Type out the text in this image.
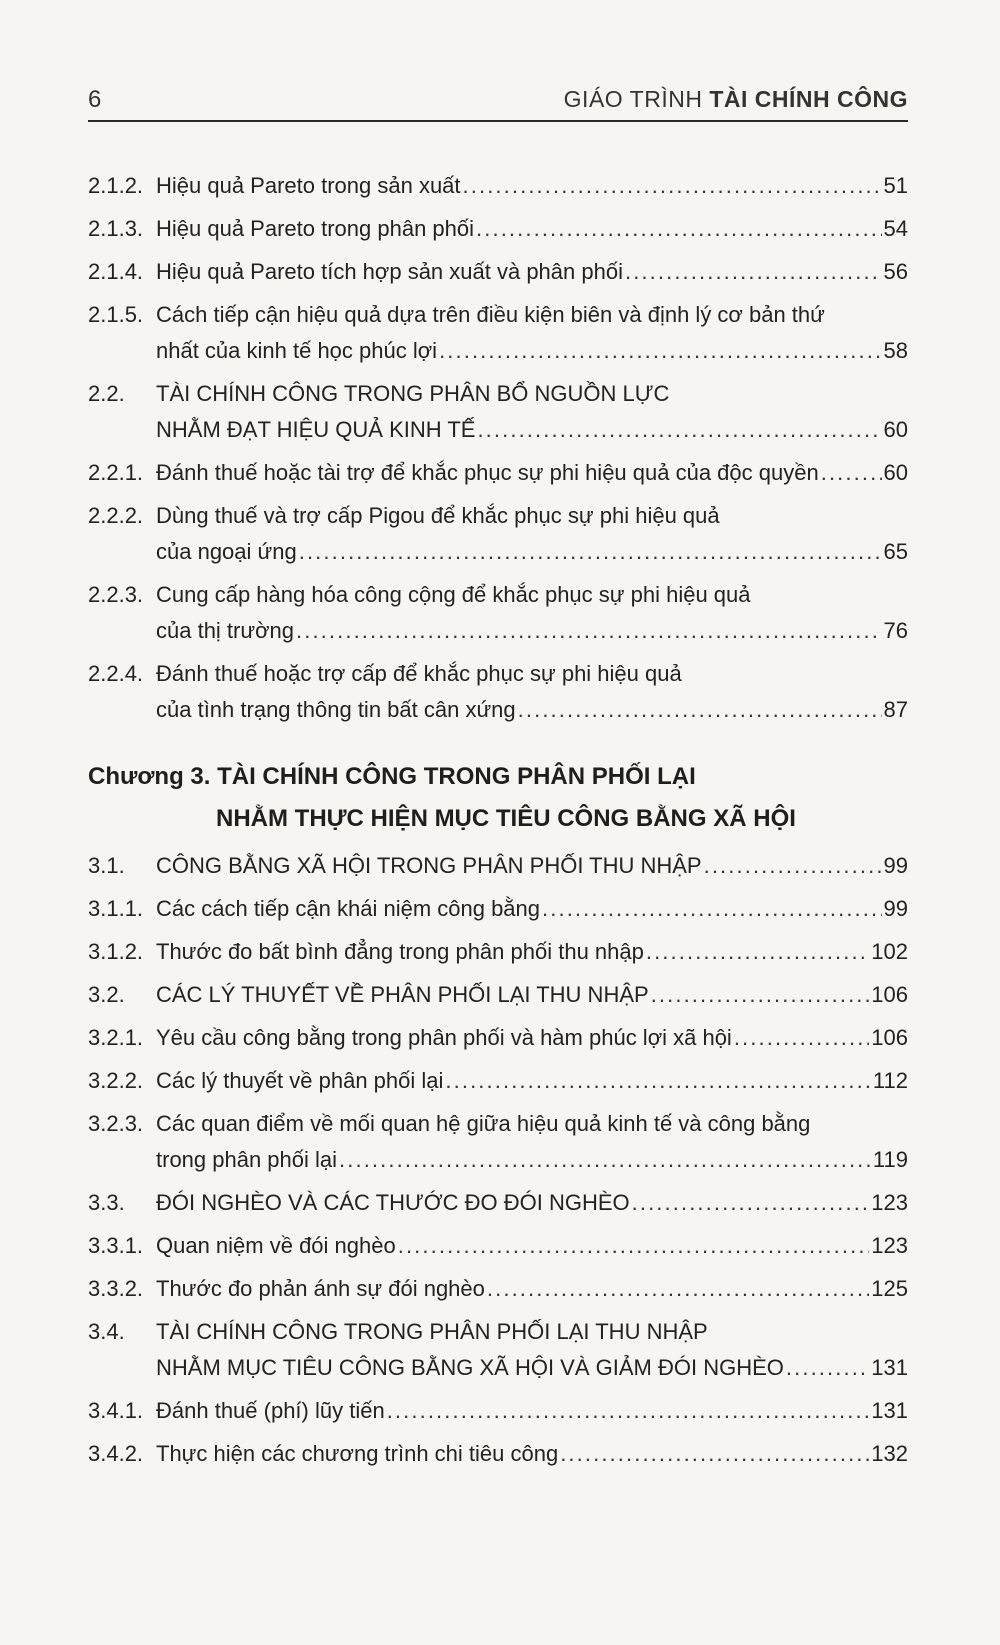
6	GIÁO TRÌNH TÀI CHÍNH CÔNG
2.1.2. Hiệu quả Pareto trong sản xuất . . .	51
2.1.3. Hiệu quả Pareto trong phân phối . . .	54
2.1.4. Hiệu quả Pareto tích hợp sản xuất và phân phối . . .	56
2.1.5. Cách tiếp cận hiệu quả dựa trên điều kiện biên và định lý cơ bản thứ
nhất của kinh tế học phúc lợi . . .	58
2.2.	TÀI CHÍNH CÔNG TRONG PHÂN BỔ NGUỒN LỰC
NHẰM ĐẠT HIỆU QUẢ KINH TẾ . . .	60
2.2.1. Đánh thuế hoặc tài trợ để khắc phục sự phi hiệu quả của độc quyền . . .	60
2.2.2. Dùng thuế và trợ cấp Pigou để khắc phục sự phi hiệu quả
của ngoại ứng . . .	65
2.2.3. Cung cấp hàng hóa công cộng để khắc phục sự phi hiệu quả
của thị trường . . .	76
2.2.4. Đánh thuế hoặc trợ cấp để khắc phục sự phi hiệu quả
của tình trạng thông tin bất cân xứng . . .	87
Chương 3. TÀI CHÍNH CÔNG TRONG PHÂN PHỐI LẠI
NHẰM THỰC HIỆN MỤC TIÊU CÔNG BẰNG XÃ HỘI
3.1.	CÔNG BẰNG XÃ HỘI TRONG PHÂN PHỐI THU NHẬP . . .	99
3.1.1. Các cách tiếp cận khái niệm công bằng . . .	99
3.1.2. Thước đo bất bình đẳng trong phân phối thu nhập . . .	102
3.2.	CÁC LÝ THUYẾT VỀ PHÂN PHỐI LẠI THU NHẬP . . .	106
3.2.1. Yêu cầu công bằng trong phân phối và hàm phúc lợi xã hội . . .	106
3.2.2. Các lý thuyết về phân phối lại . . .	112
3.2.3. Các quan điểm về mối quan hệ giữa hiệu quả kinh tế và công bằng
trong phân phối lại . . .	119
3.3.	ĐÓI NGHÈO VÀ CÁC THƯỚC ĐO ĐÓI NGHÈO . . .	123
3.3.1. Quan niệm về đói nghèo . . .	123
3.3.2. Thước đo phản ánh sự đói nghèo . . .	125
3.4.	TÀI CHÍNH CÔNG TRONG PHÂN PHỐI LẠI THU NHẬP
NHẰM MỤC TIÊU CÔNG BẰNG XÃ HỘI VÀ GIẢM ĐÓI NGHÈO . . .	131
3.4.1. Đánh thuế (phí) lũy tiến . . .	131
3.4.2. Thực hiện các chương trình chi tiêu công . . .	132
